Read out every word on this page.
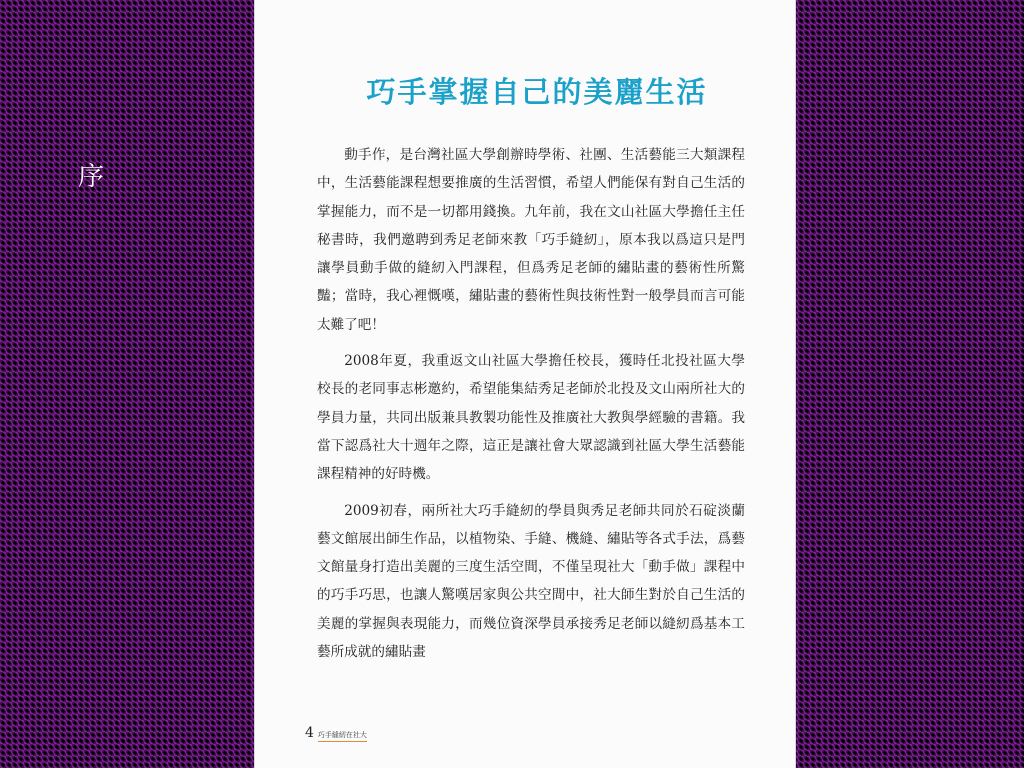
序
巧手掌握自己的美麗生活

動手作，是台灣社區大學創辦時學術、社團、生活藝能三大類課程中，生活藝能課程想要推廣的生活習慣，希望人們能保有對自己生活的掌握能力，而不是一切都用錢換。九年前，我在文山社區大學擔任主任秘書時，我們邀聘到秀足老師來教「巧手縫紉」，原本我以爲這只是門讓學員動手做的縫紉入門課程，但爲秀足老師的繡貼畫的藝術性所驚豔；當時，我心裡慨嘆，繡貼畫的藝術性與技術性對一般學員而言可能太難了吧！

2008年夏，我重返文山社區大學擔任校長，獲時任北投社區大學校長的老同事志彬邀約，希望能集結秀足老師於北投及文山兩所社大的學員力量，共同出版兼具教製功能性及推廣社大教與學經驗的書籍。我當下認爲社大十週年之際，這正是讓社會大眾認識到社區大學生活藝能課程精神的好時機。

2009初春，兩所社大巧手縫紉的學員與秀足老師共同於石碇淡蘭藝文館展出師生作品，以植物染、手縫、機縫、繡貼等各式手法，爲藝文館量身打造出美麗的三度生活空間，不僅呈現社大「動手做」課程中的巧手巧思，也讓人驚嘆居家與公共空間中，社大師生對於自己生活的美麗的掌握與表現能力，而幾位資深學員承接秀足老師以縫紉爲基本工藝所成就的繡貼畫

4 巧手縫紉在社大
